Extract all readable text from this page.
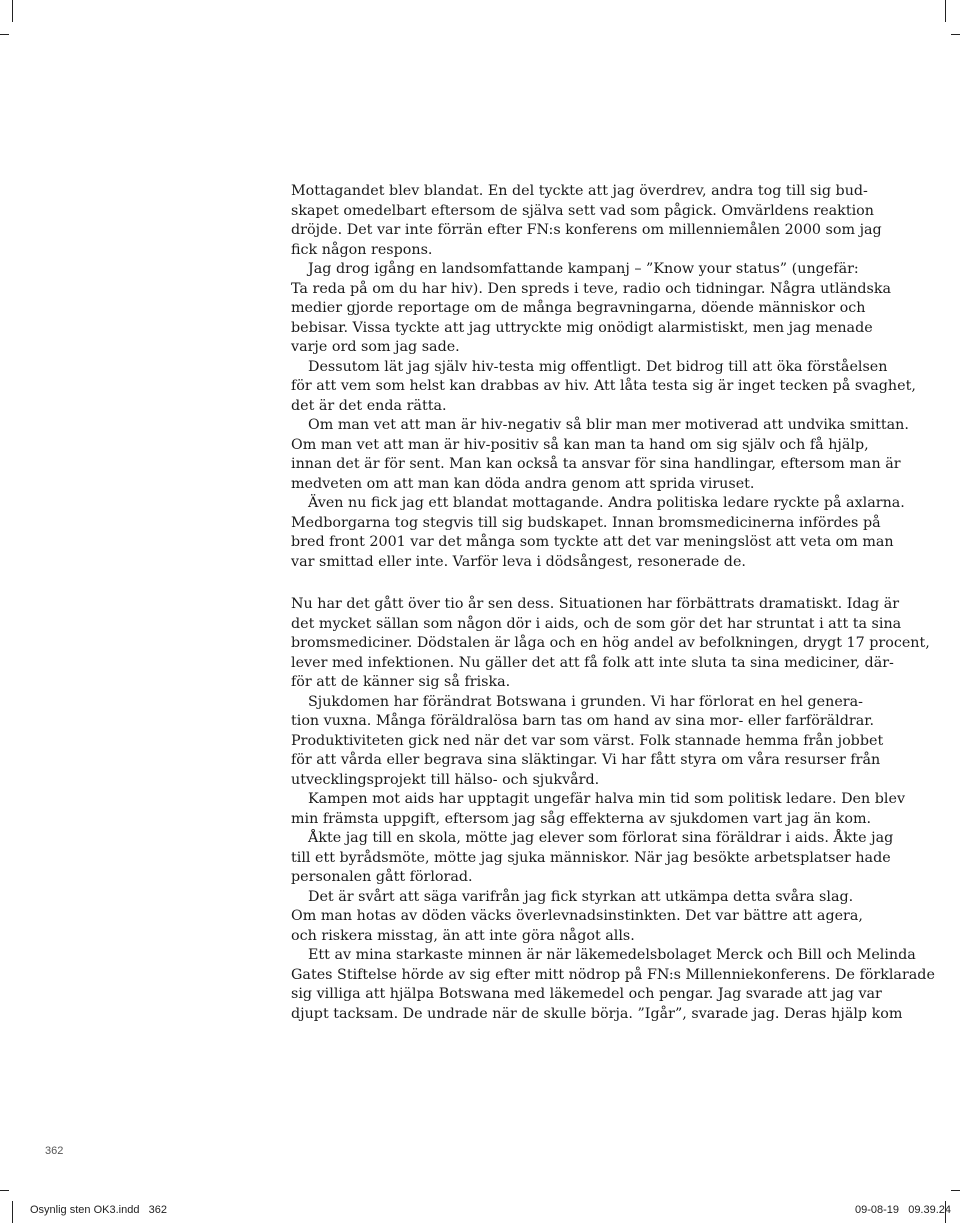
Mottagandet blev blandat. En del tyckte att jag överdrev, andra tog till sig bud-
skapet omedelbart eftersom de själva sett vad som pågick. Omvärldens reaktion
dröjde. Det var inte förrän efter FN:s konferens om millenniemålen 2000 som jag
fick någon respons.
Jag drog igång en landsomfattande kampanj – ”Know your status” (ungefär:
Ta reda på om du har hiv). Den spreds i teve, radio och tidningar. Några utländska
medier gjorde reportage om de många begravningarna, döende människor och
bebisar. Vissa tyckte att jag uttryckte mig onödigt alarmistiskt, men jag menade
varje ord som jag sade.
Dessutom lät jag själv hiv-testa mig offentligt. Det bidrog till att öka förståelsen
för att vem som helst kan drabbas av hiv. Att låta testa sig är inget tecken på svaghet,
det är det enda rätta.
Om man vet att man är hiv-negativ så blir man mer motiverad att undvika smittan.
Om man vet att man är hiv-positiv så kan man ta hand om sig själv och få hjälp,
innan det är för sent. Man kan också ta ansvar för sina handlingar, eftersom man är
medveten om att man kan döda andra genom att sprida viruset.
Även nu fick jag ett blandat mottagande. Andra politiska ledare ryckte på axlarna.
Medborgarna tog stegvis till sig budskapet. Innan bromsmedicinerna infördes på
bred front 2001 var det många som tyckte att det var meningslöst att veta om man
var smittad eller inte. Varför leva i dödsångest, resonerade de.
Nu har det gått över tio år sen dess. Situationen har förbättrats dramatiskt. Idag är
det mycket sällan som någon dör i aids, och de som gör det har struntat i att ta sina
bromsmediciner. Dödstalen är låga och en hög andel av befolkningen, drygt 17 procent,
lever med infektionen. Nu gäller det att få folk att inte sluta ta sina mediciner, där-
för att de känner sig så friska.
Sjukdomen har förändrat Botswana i grunden. Vi har förlorat en hel genera-
tion vuxna. Många föräldralösa barn tas om hand av sina mor- eller farföräldrar.
Produktiviteten gick ned när det var som värst. Folk stannade hemma från jobbet
för att vårda eller begrava sina släktingar. Vi har fått styra om våra resurser från
utvecklingsprojekt till hälso- och sjukvård.
Kampen mot aids har upptagit ungefär halva min tid som politisk ledare. Den blev
min främsta uppgift, eftersom jag såg effekterna av sjukdomen vart jag än kom.
Åkte jag till en skola, mötte jag elever som förlorat sina föräldrar i aids. Åkte jag
till ett byrådsmöte, mötte jag sjuka människor. När jag besökte arbetsplatser hade
personalen gått förlorad.
Det är svårt att säga varifrån jag fick styrkan att utkämpa detta svåra slag.
Om man hotas av döden väcks överlevnadsinstinkten. Det var bättre att agera,
och riskera misstag, än att inte göra något alls.
Ett av mina starkaste minnen är när läkemedelsbolaget Merck och Bill och Melinda
Gates Stiftelse hörde av sig efter mitt nödrop på FN:s Millenniekonferens. De förklarade
sig villiga att hjälpa Botswana med läkemedel och pengar. Jag svarade att jag var
djupt tacksam. De undrade när de skulle börja. ”Igår”, svarade jag. Deras hjälp kom
362
Osynlig sten OK3.indd   362	09-08-19   09.39.24
